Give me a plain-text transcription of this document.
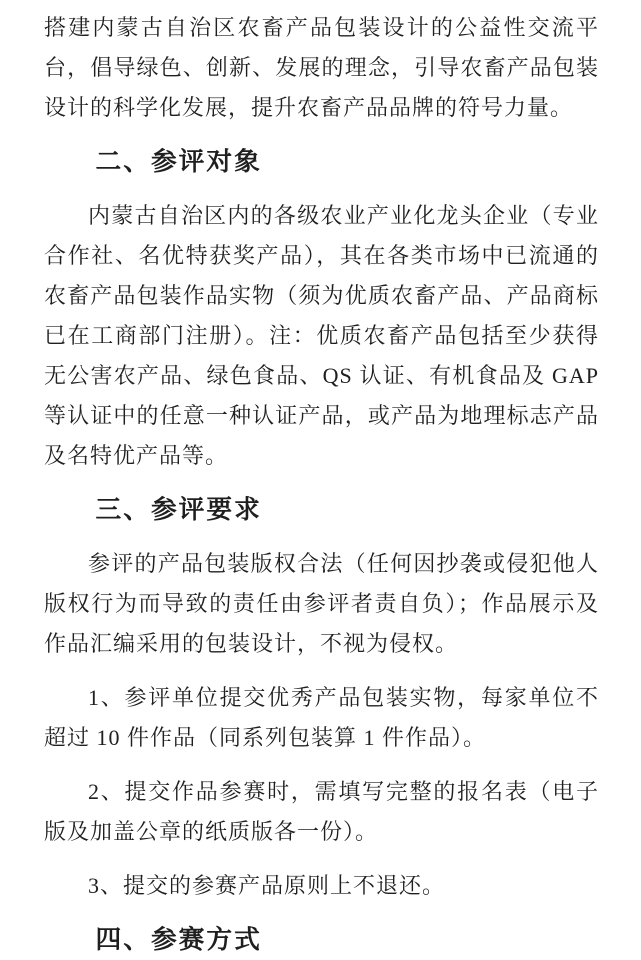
搭建内蒙古自治区农畜产品包装设计的公益性交流平台，倡导绿色、创新、发展的理念，引导农畜产品包装设计的科学化发展，提升农畜产品品牌的符号力量。

二、参评对象

内蒙古自治区内的各级农业产业化龙头企业（专业合作社、名优特获奖产品），其在各类市场中已流通的农畜产品包装作品实物（须为优质农畜产品、产品商标已在工商部门注册）。注：优质农畜产品包括至少获得无公害农产品、绿色食品、QS 认证、有机食品及 GAP 等认证中的任意一种认证产品，或产品为地理标志产品及名特优产品等。

三、参评要求

参评的产品包装版权合法（任何因抄袭或侵犯他人版权行为而导致的责任由参评者责自负）；作品展示及作品汇编采用的包装设计，不视为侵权。

1、参评单位提交优秀产品包装实物，每家单位不超过 10 件作品（同系列包装算 1 件作品）。

2、提交作品参赛时，需填写完整的报名表（电子版及加盖公章的纸质版各一份）。

3、提交的参赛产品原则上不退还。

四、参赛方式
